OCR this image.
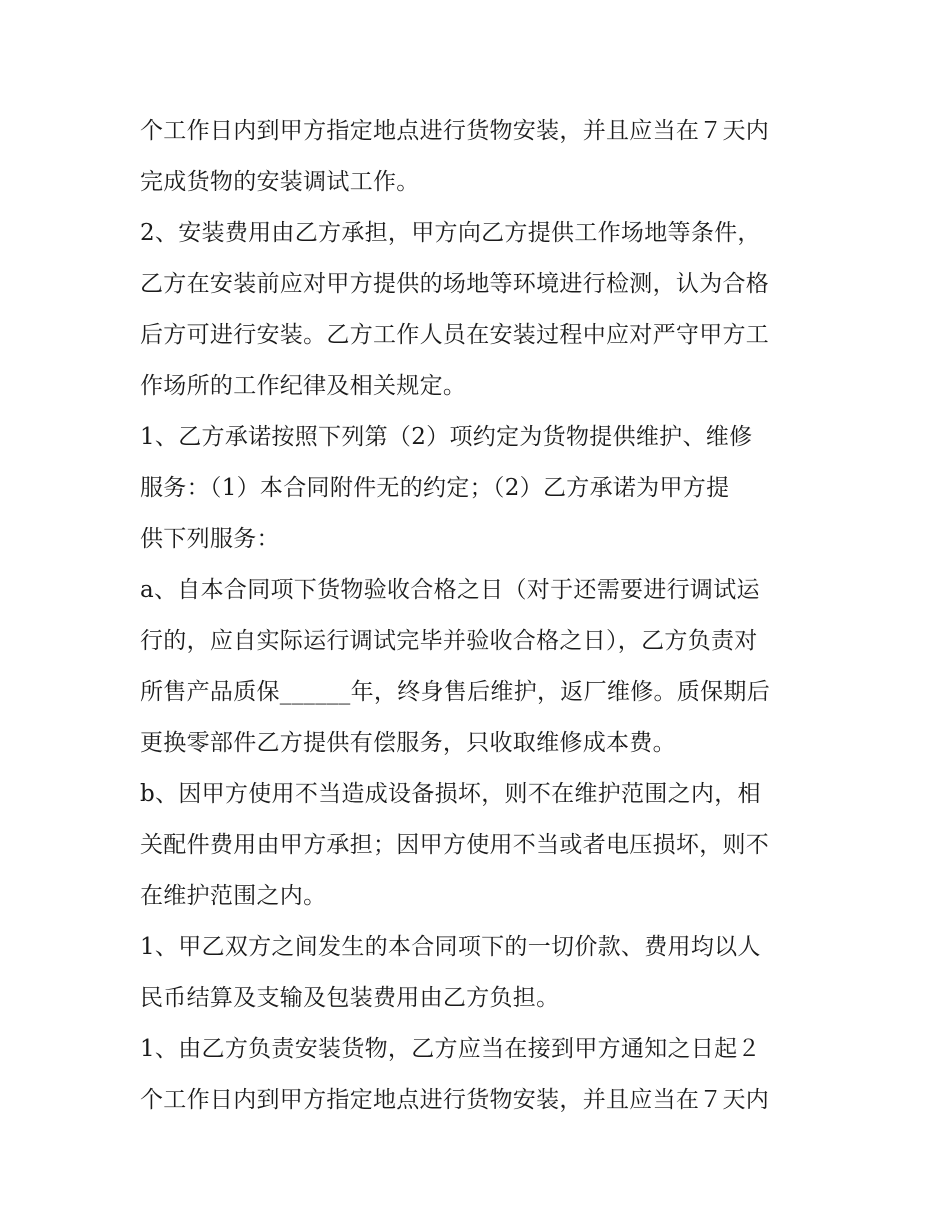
个工作日内到甲方指定地点进行货物安装，并且应当在７天内
完成货物的安装调试工作。
2、安装费用由乙方承担，甲方向乙方提供工作场地等条件，
乙方在安装前应对甲方提供的场地等环境进行检测，认为合格
后方可进行安装。乙方工作人员在安装过程中应对严守甲方工
作场所的工作纪律及相关规定。
1、乙方承诺按照下列第（2）项约定为货物提供维护、维修
服务：（1）本合同附件无的约定；（2）乙方承诺为甲方提
供下列服务：
a、自本合同项下货物验收合格之日（对于还需要进行调试运
行的，应自实际运行调试完毕并验收合格之日），乙方负责对
所售产品质保______年，终身售后维护，返厂维修。质保期后
更换零部件乙方提供有偿服务，只收取维修成本费。
b、因甲方使用不当造成设备损坏，则不在维护范围之内，相
关配件费用由甲方承担；因甲方使用不当或者电压损坏，则不
在维护范围之内。
1、甲乙双方之间发生的本合同项下的一切价款、费用均以人
民币结算及支输及包装费用由乙方负担。
1、由乙方负责安装货物，乙方应当在接到甲方通知之日起２
个工作日内到甲方指定地点进行货物安装，并且应当在７天内
